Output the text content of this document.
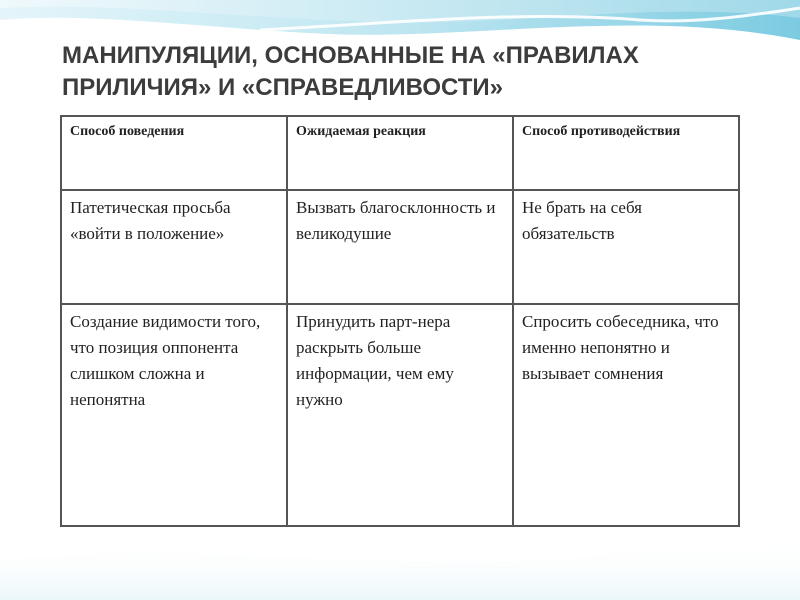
МАНИПУЛЯЦИИ, ОСНОВАННЫЕ НА «ПРАВИЛАХ
ПРИЛИЧИЯ» И «СПРАВЕДЛИВОСТИ»
Способ поведения	Ожидаемая реакция	Способ противодействия
Патетическая просьба «войти в положение»	Вызвать благосклонность и великодушие	Не брать на себя обязательств
Создание видимости того, что позиция оппонента слишком сложна и непонятна	Принудить парт-нера раскрыть больше информации, чем ему нужно	Спросить собеседника, что именно непонятно и вызывает сомнения
